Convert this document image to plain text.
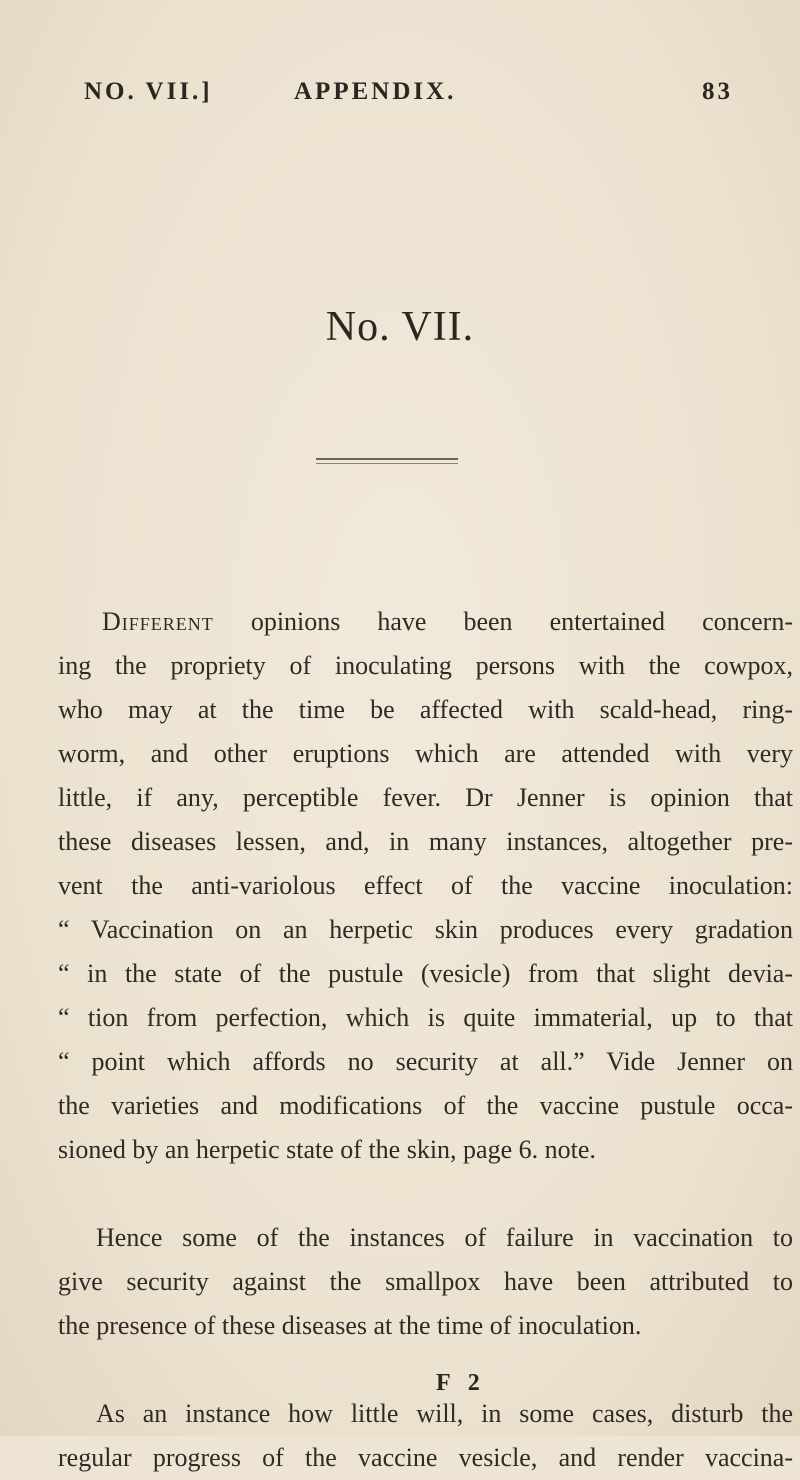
NO. VII.]	APPENDIX.	83
No. VII.

Different opinions have been entertained concern-
ing the propriety of inoculating persons with the cowpox,
who may at the time be affected with scald-head, ring-
worm, and other eruptions which are attended with very
little, if any, perceptible fever. Dr Jenner is opinion that
these diseases lessen, and, in many instances, altogether pre-
vent the anti-variolous effect of the vaccine inoculation:
“ Vaccination on an herpetic skin produces every gradation
“ in the state of the pustule (vesicle) from that slight devia-
“ tion from perfection, which is quite immaterial, up to that
“ point which affords no security at all.” Vide Jenner on
the varieties and modifications of the vaccine pustule occa-
sioned by an herpetic state of the skin, page 6. note.

Hence some of the instances of failure in vaccination to
give security against the smallpox have been attributed to
the presence of these diseases at the time of inoculation.

As an instance how little will, in some cases, disturb the
regular progress of the vaccine vesicle, and render vaccina-

F 2
